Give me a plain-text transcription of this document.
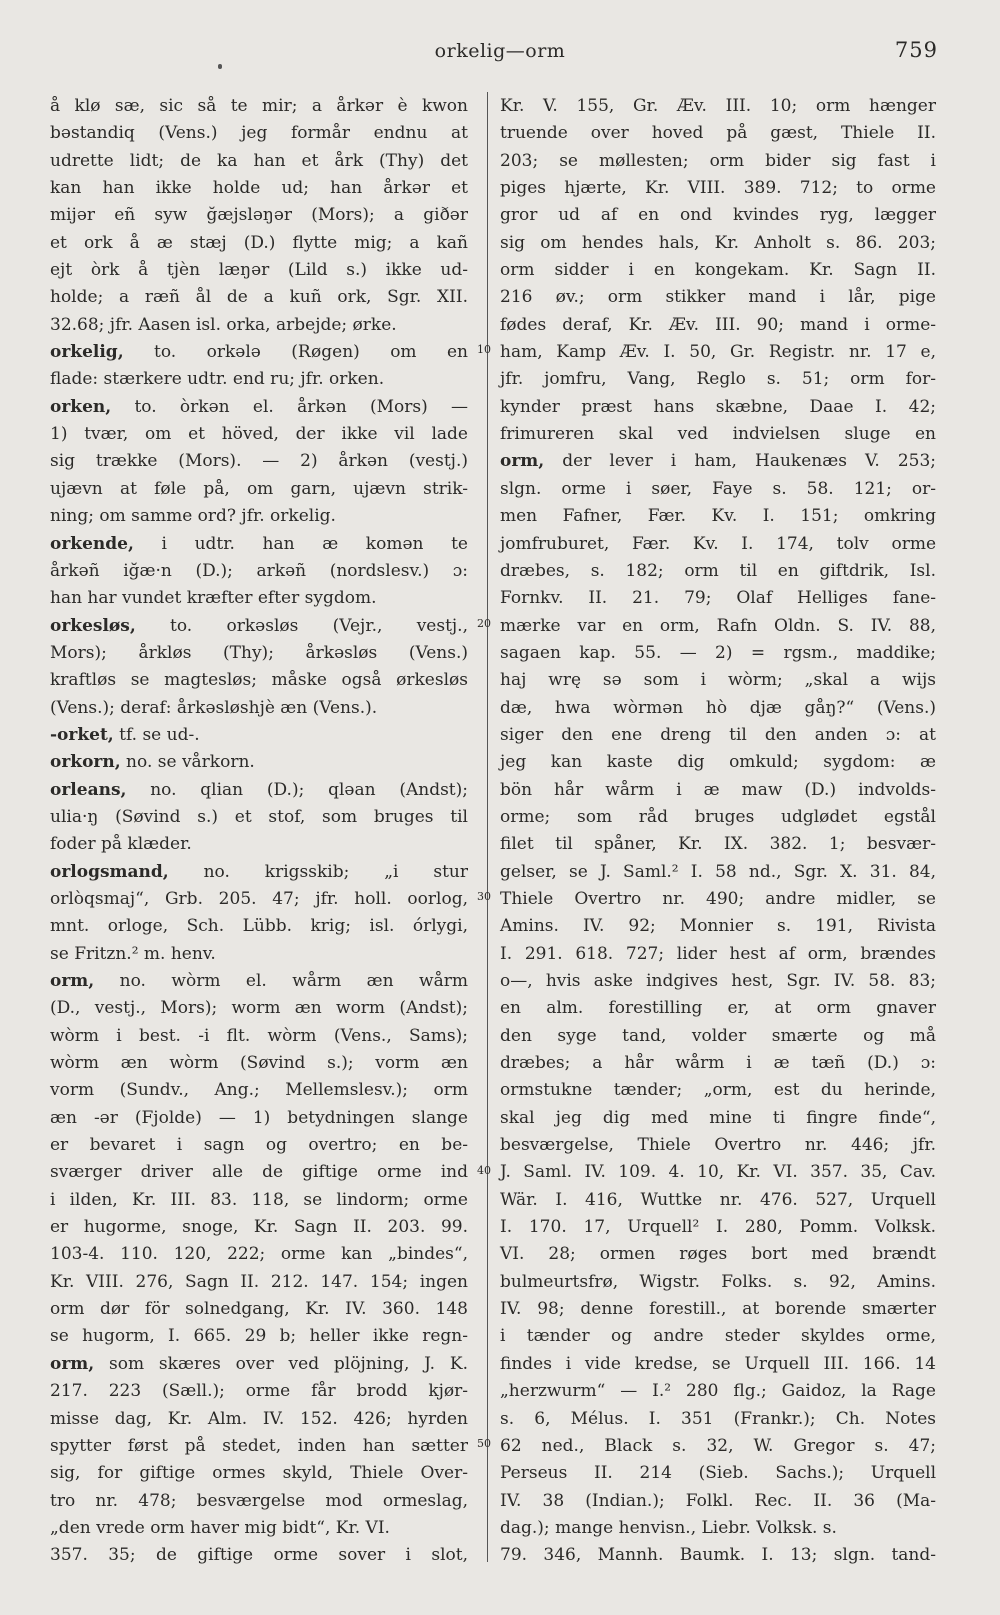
orkelig—orm	759
å klø sæ, sic så te mir; a årkər è kwon
bəstandiq (Vens.) jeg formår endnu at
udrette lidt; de ka han et årk (Thy) det
kan han ikke holde ud; han årkər et
mijər eñ syw ğæjsləŋər (Mors); a giðər
et ork å æ stæj (D.) flytte mig; a kañ
ejt òrk å tjèn læŋər (Lild s.) ikke ud-
holde; a ræñ ål de a kuñ ork, Sgr. XII.
32.68; jfr. Aasen isl. orka, arbejde; ørke.
orkelig, to. orkələ (Røgen) om en
flade: stærkere udtr. end ru; jfr. orken.
orken, to. òrkən el. årkən (Mors) —
1) tvær, om et höved, der ikke vil lade
sig trække (Mors). — 2) årkən (vestj.)
ujævn at føle på, om garn, ujævn strik-
ning; om samme ord? jfr. orkelig.
orkende, i udtr. han æ komən te
årkəñ iğæ·n (D.); arkəñ (nordslesv.) ɔ:
han har vundet kræfter efter sygdom.
orkesløs, to. orkəsløs (Vejr., vestj.,
Mors); årkløs (Thy); årkəsløs (Vens.)
kraftløs se magtesløs; måske også ørkesløs
(Vens.); deraf: årkəsløshjè æn (Vens.).
-orket, tf. se ud-.
orkorn, no. se vårkorn.
orleans, no. qlian (D.); qləan (Andst);
ulia·ŋ (Søvind s.) et stof, som bruges til
foder på klæder.
orlogsmand, no. krigsskib; „i stur
orlòqsmaj“, Grb. 205. 47; jfr. holl. oorlog,
mnt. orloge, Sch. Lübb. krig; isl. órlygi,
se Fritzn.² m. henv.
orm, no. wòrm el. wårm æn wårm
(D., vestj., Mors); worm æn worm (Andst);
wòrm i best. -i flt. wòrm (Vens., Sams);
wòrm æn wòrm (Søvind s.); vorm æn
vorm (Sundv., Ang.; Mellemslesv.); orm
æn -ər (Fjolde) — 1) betydningen slange
er bevaret i sagn og overtro; en be-
sværger driver alle de giftige orme ind
i ilden, Kr. III. 83. 118, se lindorm; orme
er hugorme, snoge, Kr. Sagn II. 203. 99.
103-4. 110. 120, 222; orme kan „bindes“,
Kr. VIII. 276, Sagn II. 212. 147. 154; ingen
orm dør för solnedgang, Kr. IV. 360. 148
se hugorm, I. 665. 29 b; heller ikke regn-
orm, som skæres over ved plöjning, J. K.
217. 223 (Sæll.); orme får brodd kjør-
misse dag, Kr. Alm. IV. 152. 426; hyrden
spytter først på stedet, inden han sætter
sig, for giftige ormes skyld, Thiele Over-
tro nr. 478; besværgelse mod ormeslag,
„den vrede orm haver mig bidt“, Kr. VI.
357. 35; de giftige orme sover i slot,
10
20
30
40
50
Kr. V. 155, Gr. Æv. III. 10; orm hænger
truende over hoved på gæst, Thiele II.
203; se møllesten; orm bider sig fast i
piges hjærte, Kr. VIII. 389. 712; to orme
gror ud af en ond kvindes ryg, lægger
sig om hendes hals, Kr. Anholt s. 86. 203;
orm sidder i en kongekam. Kr. Sagn II.
216 øv.; orm stikker mand i lår, pige
fødes deraf, Kr. Æv. III. 90; mand i orme-
ham, Kamp Æv. I. 50, Gr. Registr. nr. 17 e,
jfr. jomfru, Vang, Reglo s. 51; orm for-
kynder præst hans skæbne, Daae I. 42;
frimureren skal ved indvielsen sluge en
orm, der lever i ham, Haukenæs V. 253;
slgn. orme i søer, Faye s. 58. 121; or-
men Fafner, Fær. Kv. I. 151; omkring
jomfruburet, Fær. Kv. I. 174, tolv orme
dræbes, s. 182; orm til en giftdrik, Isl.
Fornkv. II. 21. 79; Olaf Helliges fane-
mærke var en orm, Rafn Oldn. S. IV. 88,
sagaen kap. 55. — 2) = rgsm., maddike;
haj wrę sə som i wòrm; „skal a wijs
dæ, hwa wòrmən hò djæ gåŋ?“ (Vens.)
siger den ene dreng til den anden ɔ: at
jeg kan kaste dig omkuld; sygdom: æ
bön hår wårm i æ maw (D.) indvolds-
orme; som råd bruges udglødet egstål
filet til spåner, Kr. IX. 382. 1; besvær-
gelser, se J. Saml.² I. 58 nd., Sgr. X. 31. 84,
Thiele Overtro nr. 490; andre midler, se
Amins. IV. 92; Monnier s. 191, Rivista
I. 291. 618. 727; lider hest af orm, brændes
o—, hvis aske indgives hest, Sgr. IV. 58. 83;
en alm. forestilling er, at orm gnaver
den syge tand, volder smærte og må
dræbes; a hår wårm i æ tæñ (D.) ɔ:
ormstukne tænder; „orm, est du herinde,
skal jeg dig med mine ti fingre finde“,
besværgelse, Thiele Overtro nr. 446; jfr.
J. Saml. IV. 109. 4. 10, Kr. VI. 357. 35, Cav.
Wär. I. 416, Wuttke nr. 476. 527, Urquell
I. 170. 17, Urquell² I. 280, Pomm. Volksk.
VI. 28; ormen røges bort med brændt
bulmeurtsfrø, Wigstr. Folks. s. 92, Amins.
IV. 98; denne forestill., at borende smærter
i tænder og andre steder skyldes orme,
findes i vide kredse, se Urquell III. 166. 14
„herzwurm“ — I.² 280 flg.; Gaidoz, la Rage
s. 6, Mélus. I. 351 (Frankr.); Ch. Notes
62 ned., Black s. 32, W. Gregor s. 47;
Perseus II. 214 (Sieb. Sachs.); Urquell
IV. 38 (Indian.); Folkl. Rec. II. 36 (Ma-
dag.); mange henvisn., Liebr. Volksk. s.
79. 346, Mannh. Baumk. I. 13; slgn. tand-
